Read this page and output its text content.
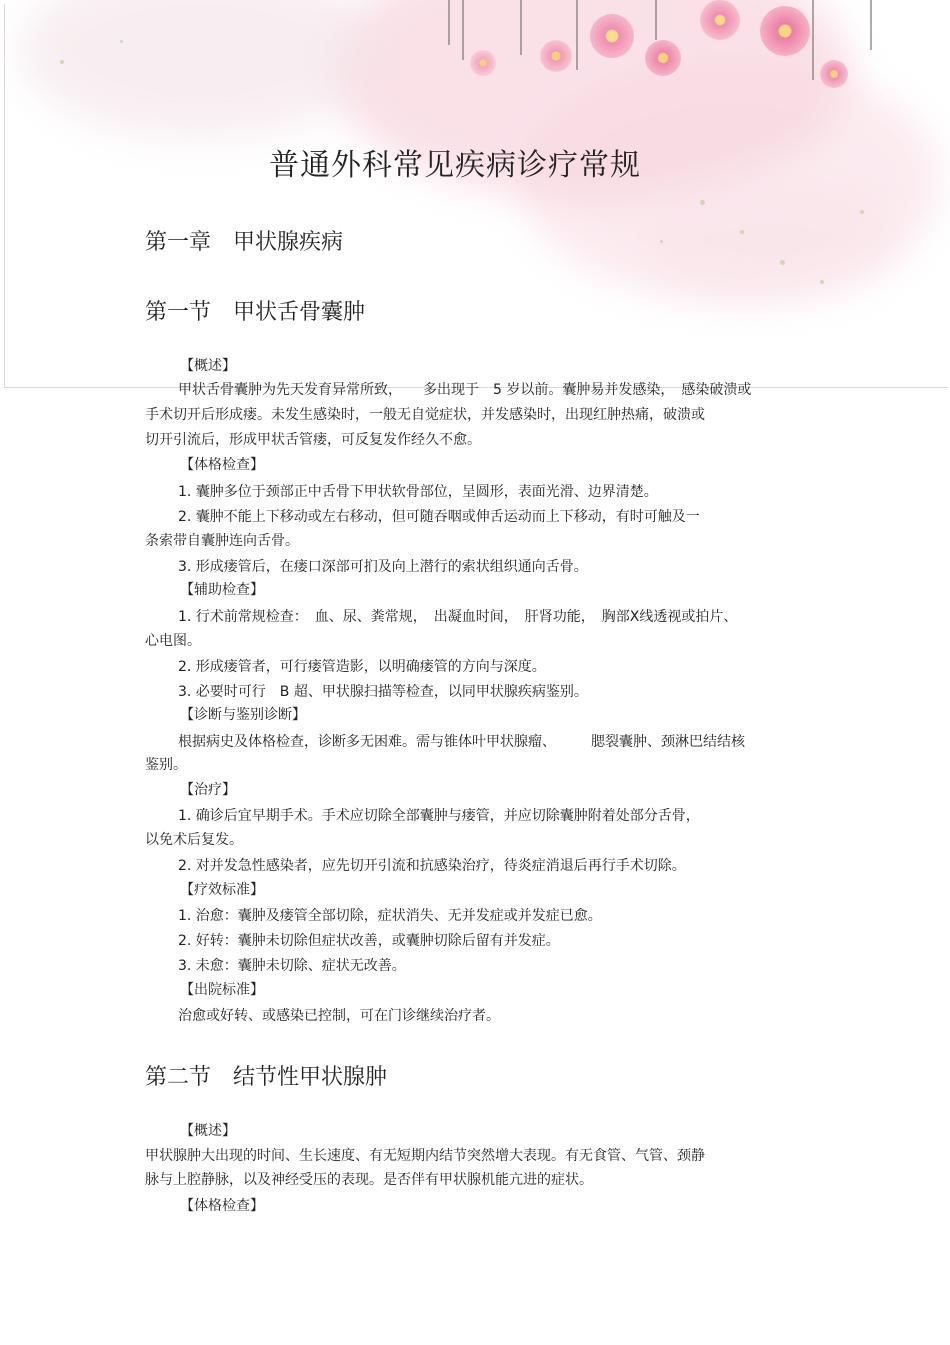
普通外科常见疾病诊疗常规
第一章　甲状腺疾病
第一节　甲状舌骨囊肿
【概述】
甲状舌骨囊肿为先天发育异常所致，　　多出现于　5 岁以前。囊肿易并发感染，　感染破溃或
手术切开后形成瘘。未发生感染时，一般无自觉症状，并发感染时，出现红肿热痛，破溃或
切开引流后，形成甲状舌管瘘，可反复发作经久不愈。
【体格检查】
1. 囊肿多位于颈部正中舌骨下甲状软骨部位，呈圆形，表面光滑、边界清楚。
2. 囊肿不能上下移动或左右移动，但可随吞咽或伸舌运动而上下移动，有时可触及一
条索带自囊肿连向舌骨。
3. 形成瘘管后，在瘘口深部可扪及向上潜行的索状组织通向舌骨。
【辅助检查】
1. 行术前常规检查：　血、尿、粪常规，　出凝血时间，　肝肾功能，　胸部X线透视或拍片、
心电图。
2. 形成瘘管者，可行瘘管造影，以明确瘘管的方向与深度。
3. 必要时可行　B 超、甲状腺扫描等检查，以同甲状腺疾病鉴别。
【诊断与鉴别诊断】
根据病史及体格检查，诊断多无困难。需与锥体叶甲状腺瘤、　　　腮裂囊肿、颈淋巴结结核
鉴别。
【治疗】
1. 确诊后宜早期手术。手术应切除全部囊肿与瘘管，并应切除囊肿附着处部分舌骨，
以免术后复发。
2. 对并发急性感染者，应先切开引流和抗感染治疗，待炎症消退后再行手术切除。
【疗效标准】
1. 治愈：囊肿及瘘管全部切除，症状消失、无并发症或并发症已愈。
2. 好转：囊肿未切除但症状改善，或囊肿切除后留有并发症。
3. 未愈：囊肿未切除、症状无改善。
【出院标准】
治愈或好转、或感染已控制，可在门诊继续治疗者。
第二节　结节性甲状腺肿
【概述】
甲状腺肿大出现的时间、生长速度、有无短期内结节突然增大表现。有无食管、气管、颈静
脉与上腔静脉，以及神经受压的表现。是否伴有甲状腺机能亢进的症状。
【体格检查】
